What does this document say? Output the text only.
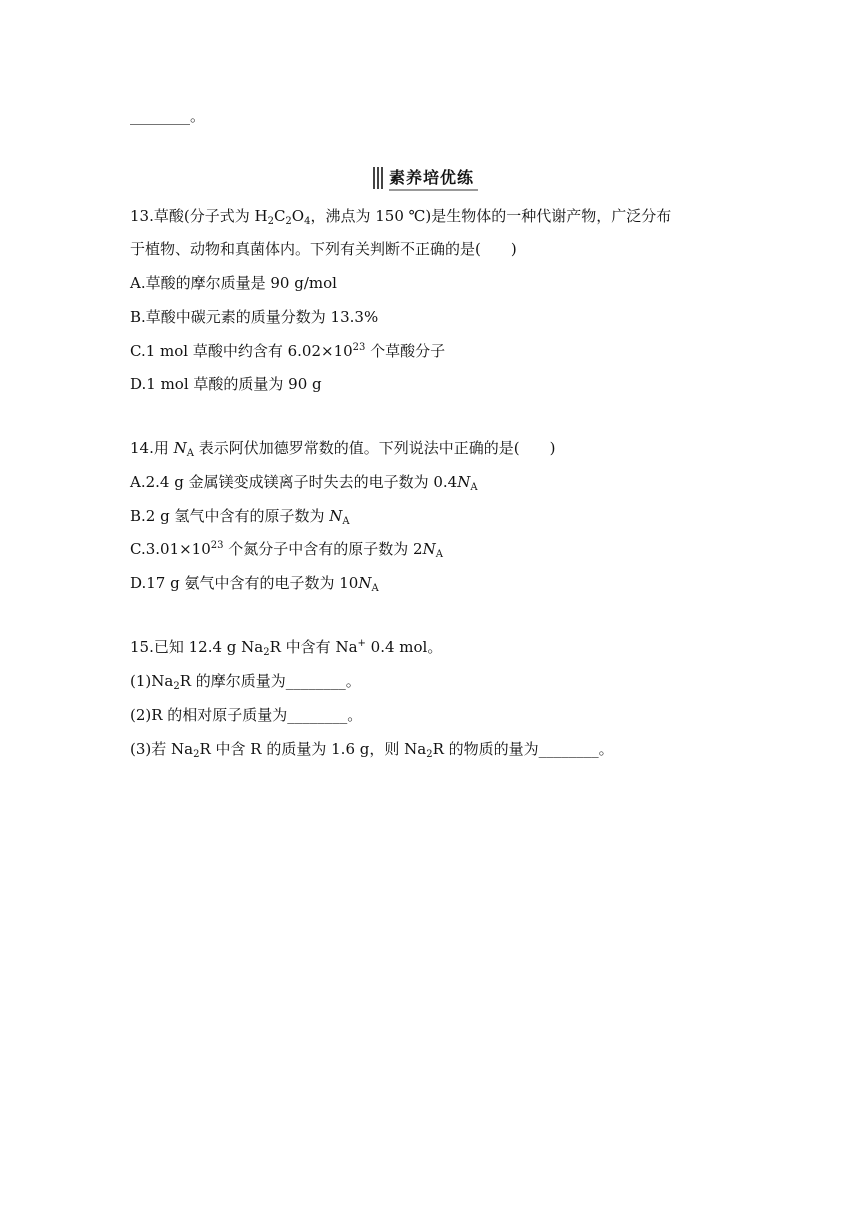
________。
素养培优练
13.草酸(分子式为 $H_2C_2O_4$，沸点为 150 ℃)是生物体的一种代谢产物，广泛分布
于植物、动物和真菌体内。下列有关判断不正确的是(　　)
A.草酸的摩尔质量是 90 g/mol
B.草酸中碳元素的质量分数为 13.3%
C.1 mol 草酸中约含有 $6.02\times 10^{23}$ 个草酸分子
D.1 mol 草酸的质量为 90 g
14.用 $N_A$ 表示阿伏加德罗常数的值。下列说法中正确的是(　　)
A.2.4 g 金属镁变成镁离子时失去的电子数为 $0.4N_A$
B.2 g 氢气中含有的原子数为 $N_A$
$C.3.01\times 10^{23}$ 个氮分子中含有的原子数为 $2N_A$
D.17 g 氨气中含有的电子数为 $10N_A$
15.已知 12.4 g $Na_2R$ 中含有 Na+ 0.4 mol。
$(1)Na_2R$ 的摩尔质量为________。
(2)R 的相对原子质量为________。
(3)若 $Na_2R$ 中含 R 的质量为 1.6 g，则 $Na_2R$ 的物质的量为________。
